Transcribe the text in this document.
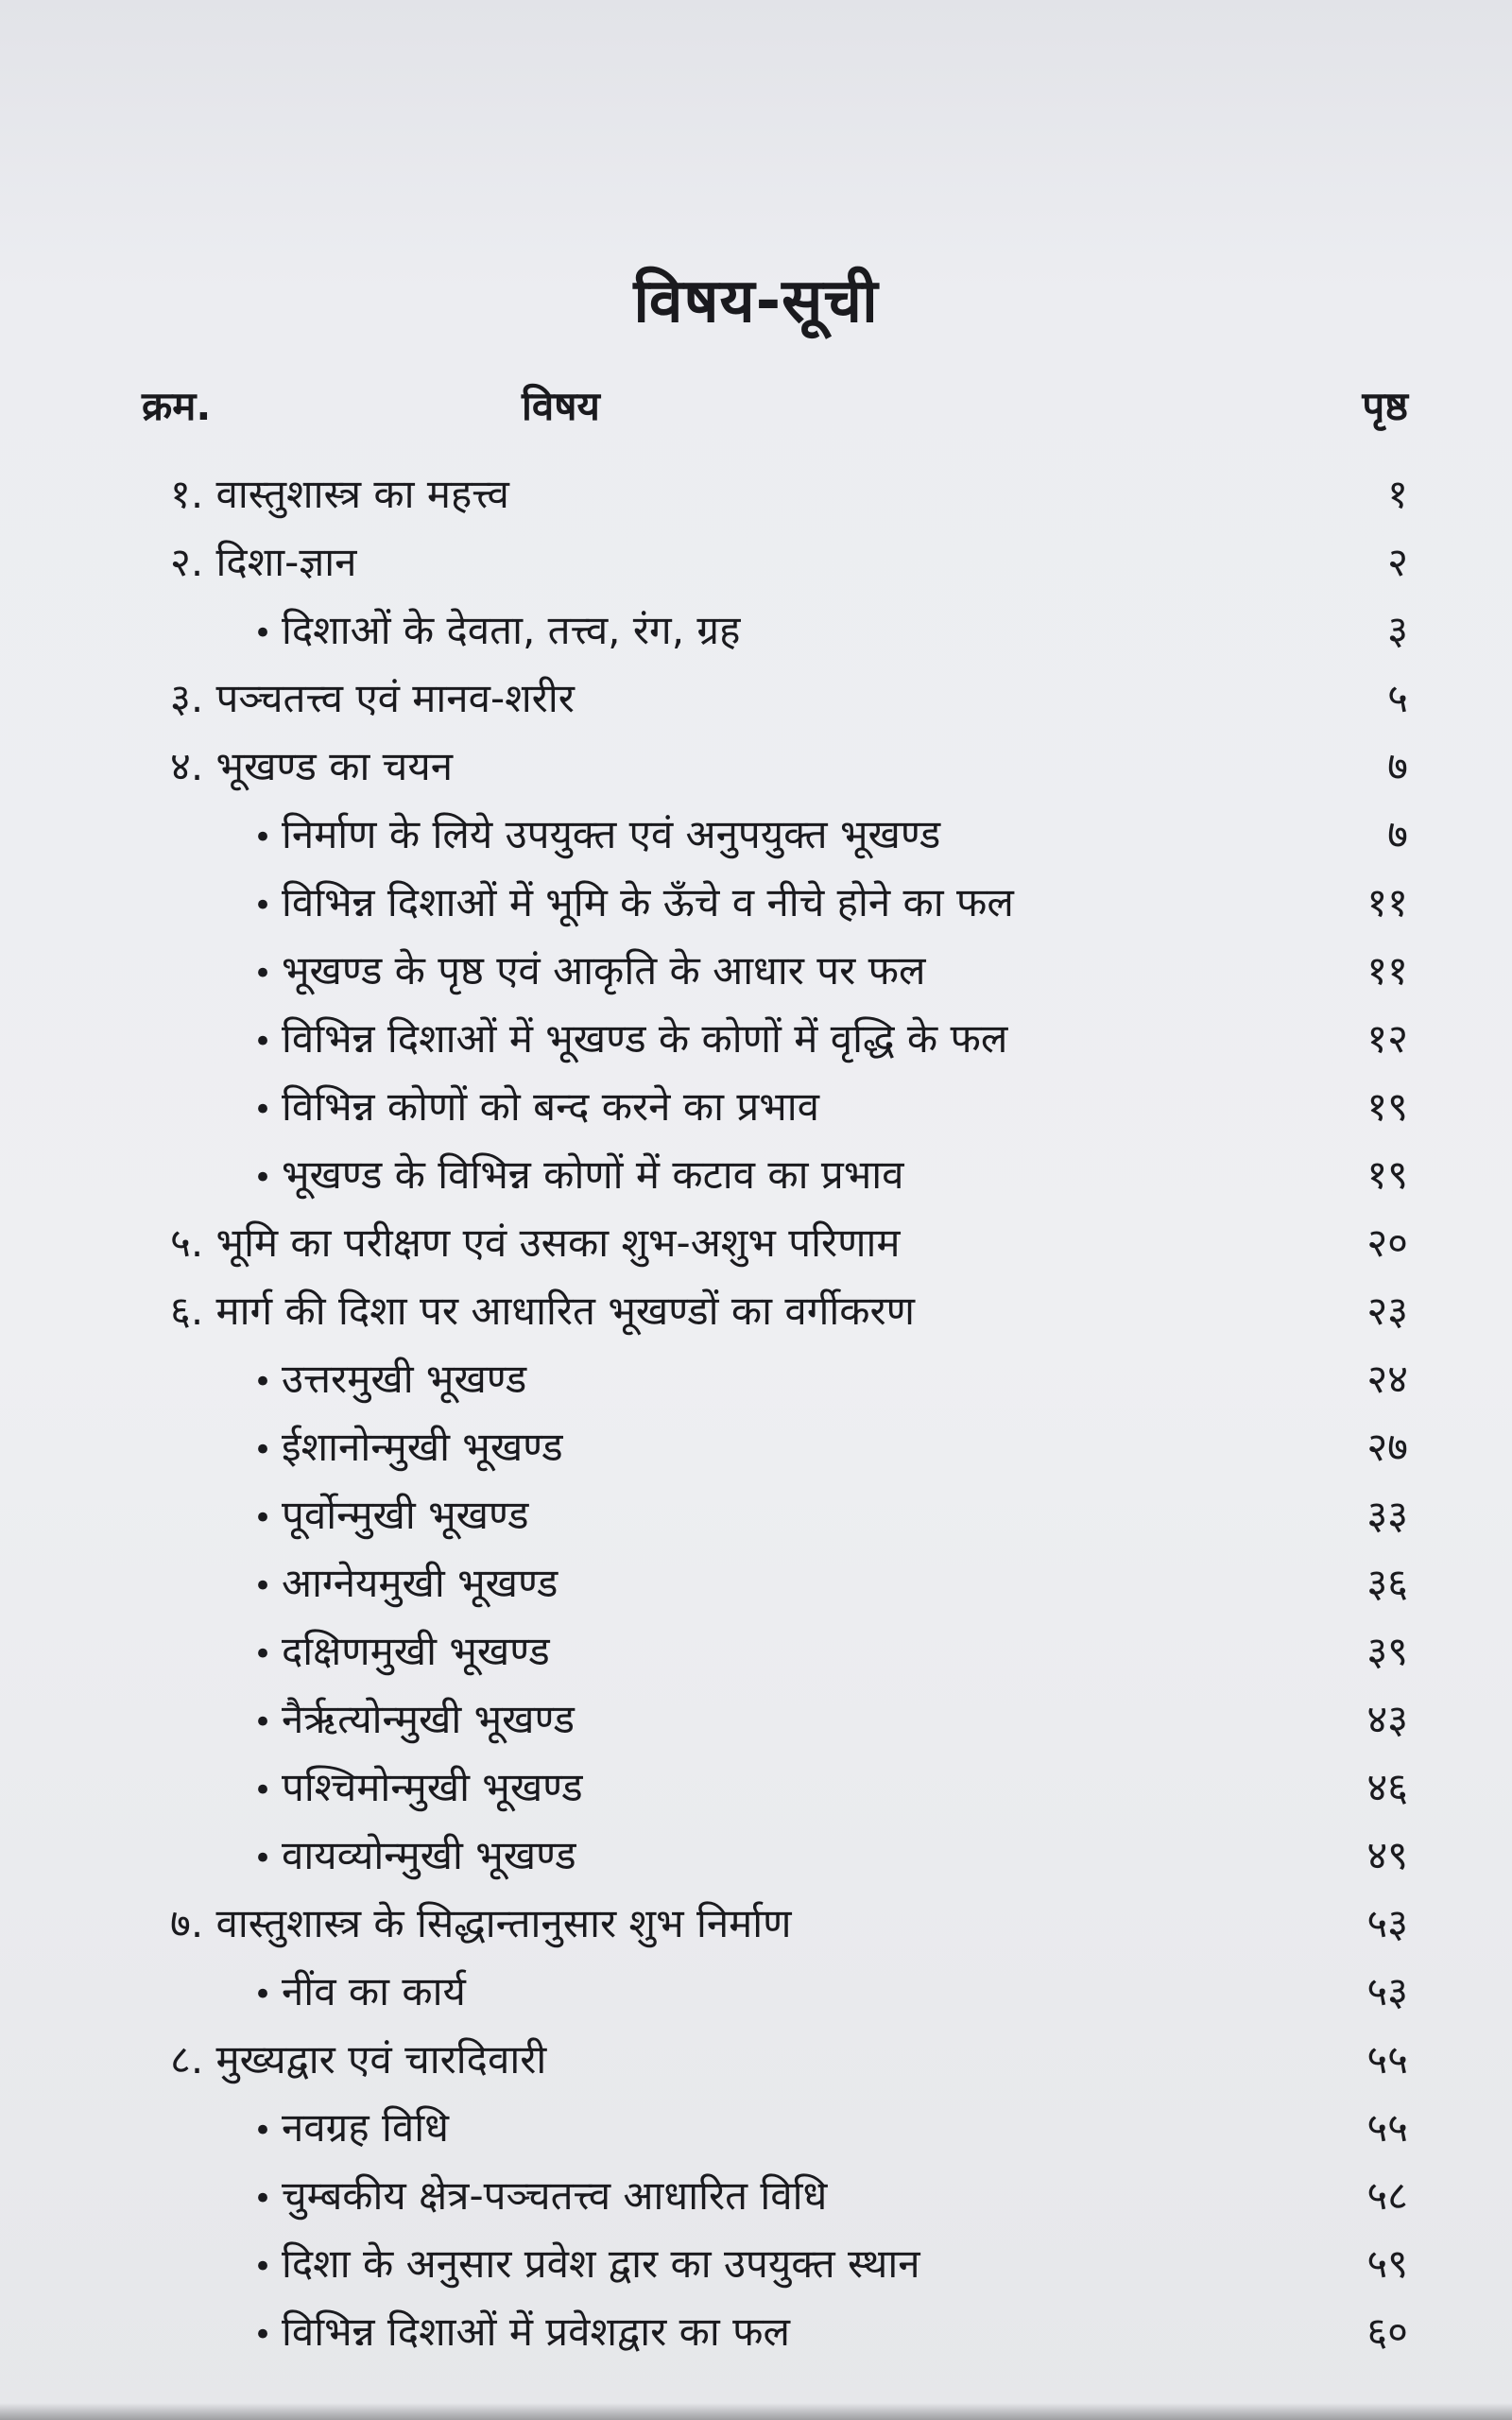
विषय-सूची
क्रम.	विषय	पृष्ठ
१. वास्तुशास्त्र का महत्त्व	१
२. दिशा-ज्ञान	२
• दिशाओं के देवता, तत्त्व, रंग, ग्रह	३
३. पञ्चतत्त्व एवं मानव-शरीर	५
४. भूखण्ड का चयन	७
• निर्माण के लिये उपयुक्त एवं अनुपयुक्त भूखण्ड	७
• विभिन्न दिशाओं में भूमि के ऊँचे व नीचे होने का फल	११
• भूखण्ड के पृष्ठ एवं आकृति के आधार पर फल	११
• विभिन्न दिशाओं में भूखण्ड के कोणों में वृद्धि के फल	१२
• विभिन्न कोणों को बन्द करने का प्रभाव	१९
• भूखण्ड के विभिन्न कोणों में कटाव का प्रभाव	१९
५. भूमि का परीक्षण एवं उसका शुभ-अशुभ परिणाम	२०
६. मार्ग की दिशा पर आधारित भूखण्डों का वर्गीकरण	२३
• उत्तरमुखी भूखण्ड	२४
• ईशानोन्मुखी भूखण्ड	२७
• पूर्वोन्मुखी भूखण्ड	३३
• आग्नेयमुखी भूखण्ड	३६
• दक्षिणमुखी भूखण्ड	३९
• नैर्ऋत्योन्मुखी भूखण्ड	४३
• पश्चिमोन्मुखी भूखण्ड	४६
• वायव्योन्मुखी भूखण्ड	४९
७. वास्तुशास्त्र के सिद्धान्तानुसार शुभ निर्माण	५३
• नींव का कार्य	५३
८. मुख्यद्वार एवं चारदिवारी	५५
• नवग्रह विधि	५५
• चुम्बकीय क्षेत्र-पञ्चतत्त्व आधारित विधि	५८
• दिशा के अनुसार प्रवेश द्वार का उपयुक्त स्थान	५९
• विभिन्न दिशाओं में प्रवेशद्वार का फल	६०
